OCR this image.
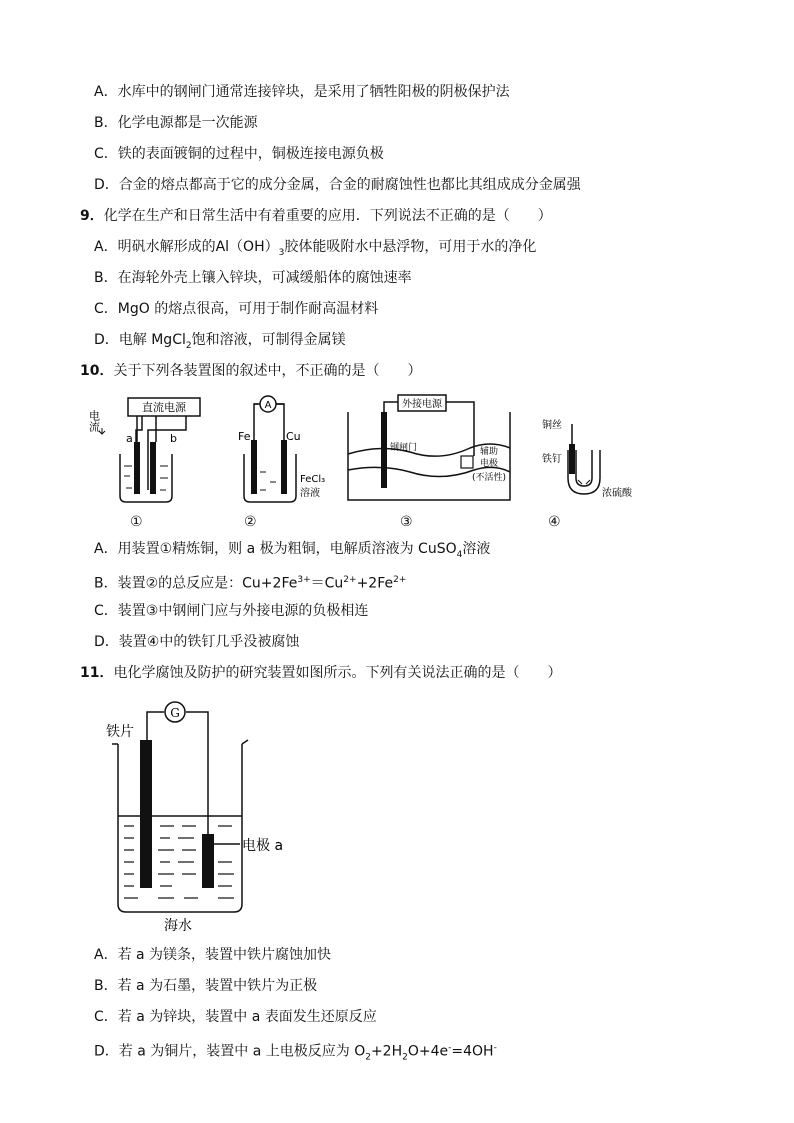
A．水库中的钢闸门通常连接锌块，是采用了牺牲阳极的阴极保护法
B．化学电源都是一次能源
C．铁的表面镀铜的过程中，铜极连接电源负极
D．合金的熔点都高于它的成分金属，合金的耐腐蚀性也都比其组成成分金属强
9．化学在生产和日常生活中有着重要的应用．下列说法不正确的是（　　）
A．明矾水解形成的$Al(OH)_3$胶体能吸附水中悬浮物，可用于水的净化
B．在海轮外壳上镶入锌块，可减缓船体的腐蚀速率
C．MgO 的熔点很高，可用于制作耐高温材料
D．电解 MgCl$_2$饱和溶液，可制得金属镁
10．关于下列各装置图的叙述中，不正确的是（　　）
直流电源
电流
a	b
A
Fe	Cu
FeCl₃
溶液
外接电源
钢闸门	辅助
电极
(不活性)
铜丝
铁钉
浓硫酸
①	②	③	④
A．用装置①精炼铜，则 a 极为粗铜，电解质溶液为 CuSO$_4$溶液
B．装置②的总反应是：$Cu+2Fe^{3+}=Cu^{2+}+2Fe^{2+}$
C．装置③中钢闸门应与外接电源的负极相连
D．装置④中的铁钉几乎没被腐蚀
11．电化学腐蚀及防护的研究装置如图所示。下列有关说法正确的是（　　）
G
铁片
电极 a
海水
A．若 a 为镁条，装置中铁片腐蚀加快
B．若 a 为石墨，装置中铁片为正极
C．若 a 为锌块，装置中 a 表面发生还原反应
D．若 a 为铜片，装置中 a 上电极反应为 $O_2+2H_2O+4e^-=4OH^-$
